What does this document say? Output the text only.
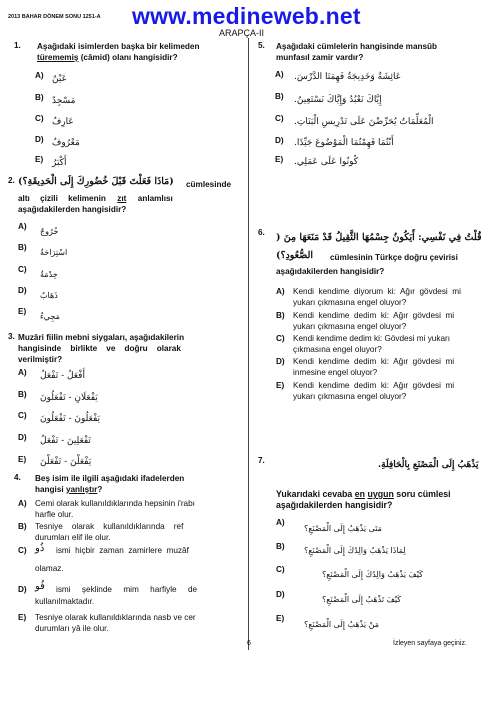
2013 BAHAR DÖNEM SONU 1251-A www.medineweb.net
ARAPÇA-II
1. Aşağıdaki isimlerden başka bir kelimeden
türememiş (câmid) olanı hangisidir?
A) عَيْنٌ
B) مَسْجِدٌ
C) عَارِفٌ
D) مَعْرُوفٌ
E) أَكْبَرُ
2. (مَاذَا فَعَلْتَ قَبْلَ خُضُورِكَ إِلَى الْحَدِيقَةِ؟) cümlesinde
altı çizili kelimenin zıt anlamlısı
aşağıdakilerden hangisidir?
A)
خُرُوجٌ
B)
اسْتِرَاحَةٌ
C)
خِدْمَةٌ
D)
ذَهَابٌ
E)
مَجِيءٌ
3. Muzâri fiilin mebni siygaları, aşağıdakilerin
hangisinde    birlikte    ve    doğru    olarak
verilmiştir?
A) أَفْعَلُ - تَفْعَلُ
B) يَفْعَلَانِ - تَفْعَلُونَ
C) يَفْعَلُونَ - تَفْعَلُونَ
D) تَفْعَلِينَ - تَفْعَلُ
E) يَفْعَلْنَ - تَفْعَلْنَ
4. Beş isim ile ilgili aşağıdaki ifadelerden
hangisi yanlıştır?
A) Cemi olarak kullanıldıklarında hepsinin i'rabı
harfle olur.
B) Tesniye    olarak    kullanıldıklarında    ref
durumları elif ile olur.
C) ذُو ismi  hiçbir  zaman  zamirlere  muzâf
olamaz.
D) فُو ismi     şeklinde     mim     harfiyle     de
kullanılmaktadır.
E) Tesniye olarak kullanıldıklarında nasb ve cer
durumları yâ ile olur.
5. Aşağıdaki cümlelerin hangisinde mansûb
munfasıl zamir vardır?
A) عَائِشَةُ وَخَدِيجَةُ فَهِمَتَا الدَّرْسَ.
B) إِيَّاكَ نَعْبُدُ وَإِيَّاكَ نَسْتَعِينُ.
C) الْمُعَلِّمَاتُ يُحَرِّضْنَ عَلَى تَدْرِيسِ الْبَنَاتِ.
D) أَنْتُمَا فَهِمْتُمَا الْمَوْضُوعَ جَيِّدًا.
E) كُونُوا عَلَى عَمَلِي.
6. قُلْتُ فِي نَفْسِي: أَيَكُونُ جِسْمُهَا الثَّقِيلُ قَدْ مَنَعَهَا مِنَ (
الصُّعُودِ؟) cümlesinin Türkçe doğru çevirisi
aşağıdakilerden hangisidir?
A) Kendi  kendime  diyorum  ki:  Ağır  gövdesi  mi
yukarı çıkmasına engel oluyor?
B) Kendi  kendime  dedim  ki:  Ağır  gövdesi  mi
yukarı çıkmasına engel oluyor?
C) Kendi kendime dedim ki: Gövdesi mi yukarı
çıkmasına engel oluyor?
D) Kendi  kendime  dedim  ki:  Ağır  gövdesi  mi
inmesine engel oluyor?
E) Kendi  kendime  dedim  ki:  Ağır  gövdesi  mi
yukarı çıkmasına engel oluyor?
7.	يَذْهَبُ إِلَى الْمَصْنَعِ بِالْحَافِلَةِ.
Yukarıdaki cevaba en uygun soru cümlesi
aşağıdakilerden hangisidir?
A)
مَتَى يَذْهَبُ إِلَى الْمَصْنَعِ؟
B) لِمَاذَا يَذْهَبُ وَالِدُكَ إِلَى الْمَصْنَعِ؟
C)
كَيْفَ يَذْهَبُ وَالِدُكَ إِلَى الْمَصْنَعِ؟
D)
كَيْفَ تَذْهَبُ إِلَى الْمَصْنَعِ؟
E)
مَنْ يَذْهَبُ إِلَى الْمَصْنَعِ؟
6	İzleyen sayfaya geçiniz.
